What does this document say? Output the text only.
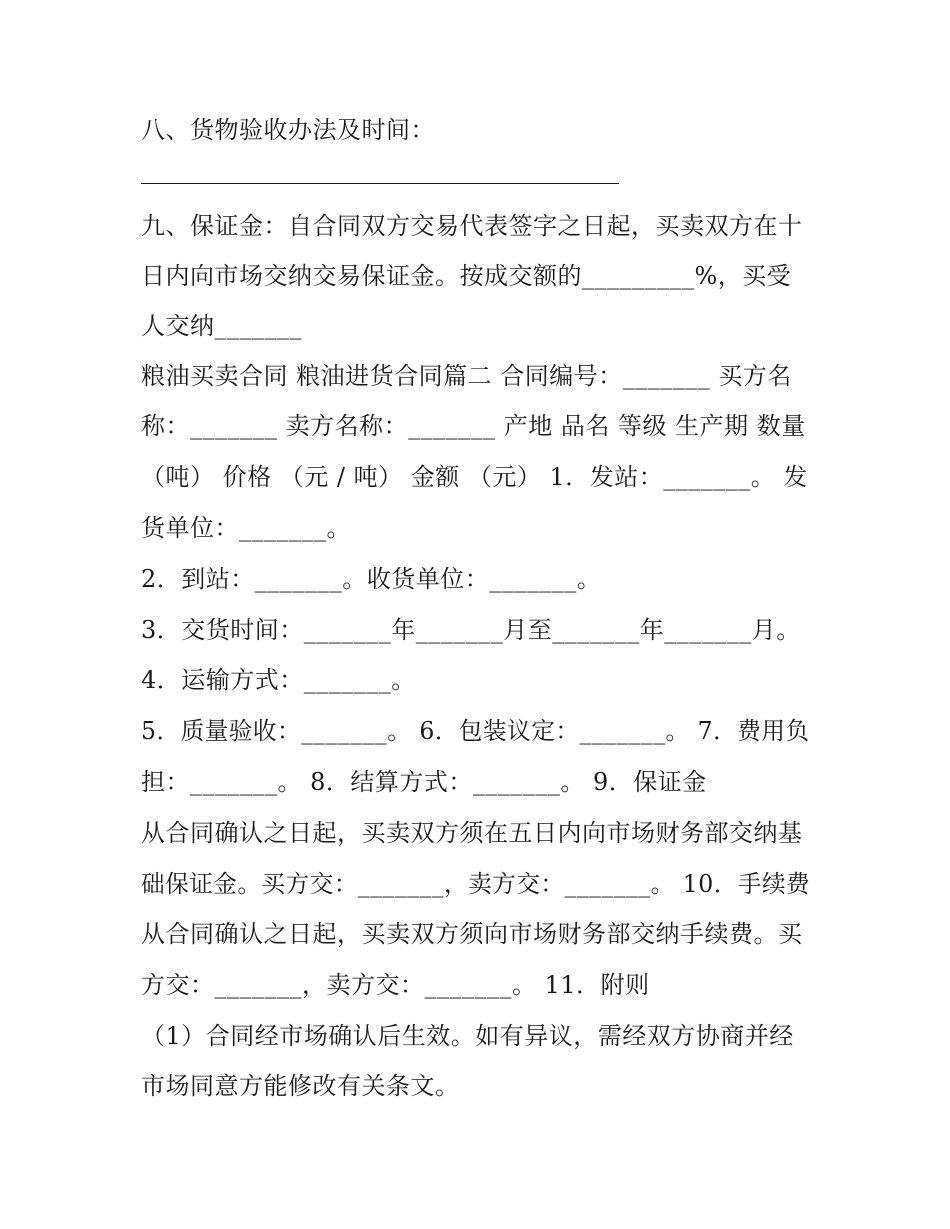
八、货物验收办法及时间：
九、保证金：自合同双方交易代表签字之日起，买卖双方在十
日内向市场交纳交易保证金。按成交额的_________%，买受
人交纳_______
粮油买卖合同 粮油进货合同篇二 合同编号：_______ 买方名
称：_______ 卖方名称：_______ 产地 品名 等级 生产期 数量
（吨） 价格 （元 / 吨） 金额 （元） 1．发站：_______。 发
货单位：_______。
2．到站：_______。收货单位：_______。
3．交货时间：_______年_______月至_______年_______月。
4．运输方式：_______。
5．质量验收：_______。 6．包装议定：_______。 7．费用负
担：_______。 8．结算方式：_______。 9．保证金
从合同确认之日起，买卖双方须在五日内向市场财务部交纳基
础保证金。买方交：_______，卖方交：_______。 10．手续费
从合同确认之日起，买卖双方须向市场财务部交纳手续费。买
方交：_______，卖方交：_______。 11．附则
（1）合同经市场确认后生效。如有异议，需经双方协商并经
市场同意方能修改有关条文。
